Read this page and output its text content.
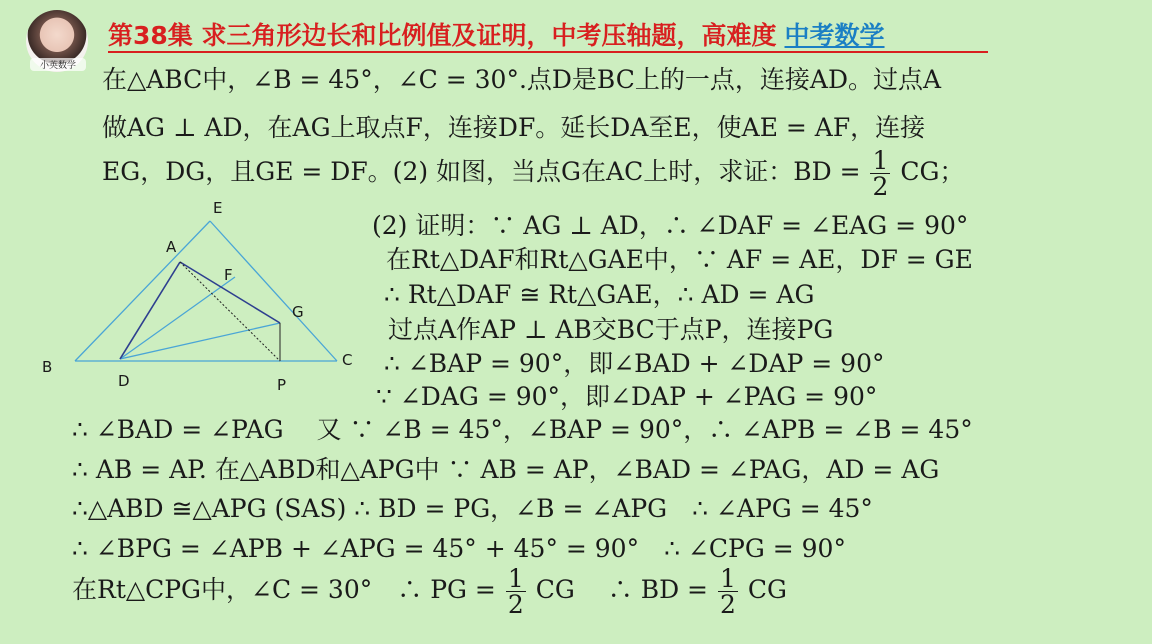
小英数学
第38集 求三角形边长和比例值及证明，中考压轴题，高难度 中考数学
在△ABC中，∠B = 45°，∠C = 30°.点D是BC上的一点，连接AD。过点A
做AG ⊥ AD，在AG上取点F，连接DF。延长DA至E，使AE = AF，连接
EG，DG，且GE = DF。(2) 如图，当点G在AC上时，求证：BD = $\frac{1}{2}$ CG；
E
A
F
G
B
D	P
C
(2) 证明：∵ AG ⊥ AD，∴ ∠DAF = ∠EAG = 90°
在Rt△DAF和Rt△GAE中，∵ AF = AE，DF = GE
∴ Rt△DAF ≅ Rt△GAE，∴ AD = AG
过点A作AP ⊥ AB交BC于点P，连接PG
∴ ∠BAP = 90°，即∠BAD + ∠DAP = 90°
∵ ∠DAG = 90°，即∠DAP + ∠PAG = 90°
∴ ∠BAD = ∠PAG　 又 ∵ ∠B = 45°，∠BAP = 90°，∴ ∠APB = ∠B = 45°
∴ AB = AP. 在△ABD和△APG中 ∵ AB = AP，∠BAD = ∠PAG，AD = AG
∴△ABD ≅△APG (SAS) ∴ BD = PG，∠B = ∠APG　∴ ∠APG = 45°
∴ ∠BPG = ∠APB + ∠APG = 45° + 45° = 90°　∴ ∠CPG = 90°
在Rt△CPG中，∠C = 30°　∴ PG = $\frac{1}{2}$ CG　 ∴ BD = $\frac{1}{2}$ CG
